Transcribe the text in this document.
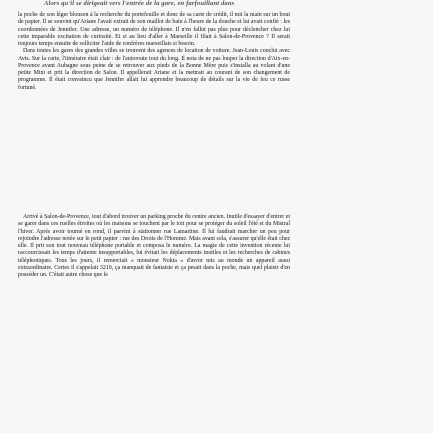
Alors qu'il se dirigeait vers l'entrée de la gare, en farfouillant dans

la poche de son léger blouson à la recherche du portefeuille et donc de sa carte de crédit, il mit la main sur un bout de papier. Il se souvint qu'Ariane l'avait extrait de son maillot de bain à l'heure de la douche et lui avait confié : les coordonnées de Jennifer. Une adresse, un numéro de téléphone. Il n'en fallut pas plus pour déclencher chez lui cette imparable excitation de curiosité. Et si au lieu d'aller à Marseille il filait à Salon-de-Provence ? Il serait toujours temps ensuite de solliciter l'aide de confrères marseillais si besoin.

Dans toutes les gares des grandes villes se trouvent des agences de location de voiture. Jean-Louis conclut avec Avis. Sur la carte, l'itinéraire était clair : de l'autoroute tout du long. Il nota de ne pas louper la direction d'Aix-en-Provence avant Aubagne sous peine de se retrouver aux pieds de la Bonne Mère puis s'installa au volant d'une petite Mini et prit la direction de Salon. Il appellerait Ariane et la mettrait au courant de son changement de programme. Il était convaincu que Jennifer allait lui apprendre beaucoup de détails sur la vie de feu ce russe fortuné.

Arrivé à Salon-de-Provence, tout d'abord trouver un parking proche du centre ancien. Inutile d'essayer d'entrer et se garer dans ces ruelles étroites où les maisons se touchent par le toit pour se protéger du soleil l'été et du Mistral l'hiver. Après avoir tourné en rond, il parvint à stationner rue Lamartine. Il lui faudrait marcher un peu pour rejoindre l'adresse notée sur le petit papier : rue des Droits de l'Homme. Mais avant cela, s'assurer qu'elle était chez elle. Il prit son tout nouveau téléphone portable et composa le numéro. La magie de cette invention récente lui raccourcissait les temps d'attente insupportables, lui évitait les déplacements inutiles et les recherches de cabines téléphoniques. Tous les jours, il remerciait « monsieur Nokia » d'avoir mis au monde un appareil aussi extraordinaire. Certes il s'appelait 3210, ça manquait de fantaisie et ça pesait dans la poche, mais quel plaisir d'en posséder un. C'était autre chose que le
